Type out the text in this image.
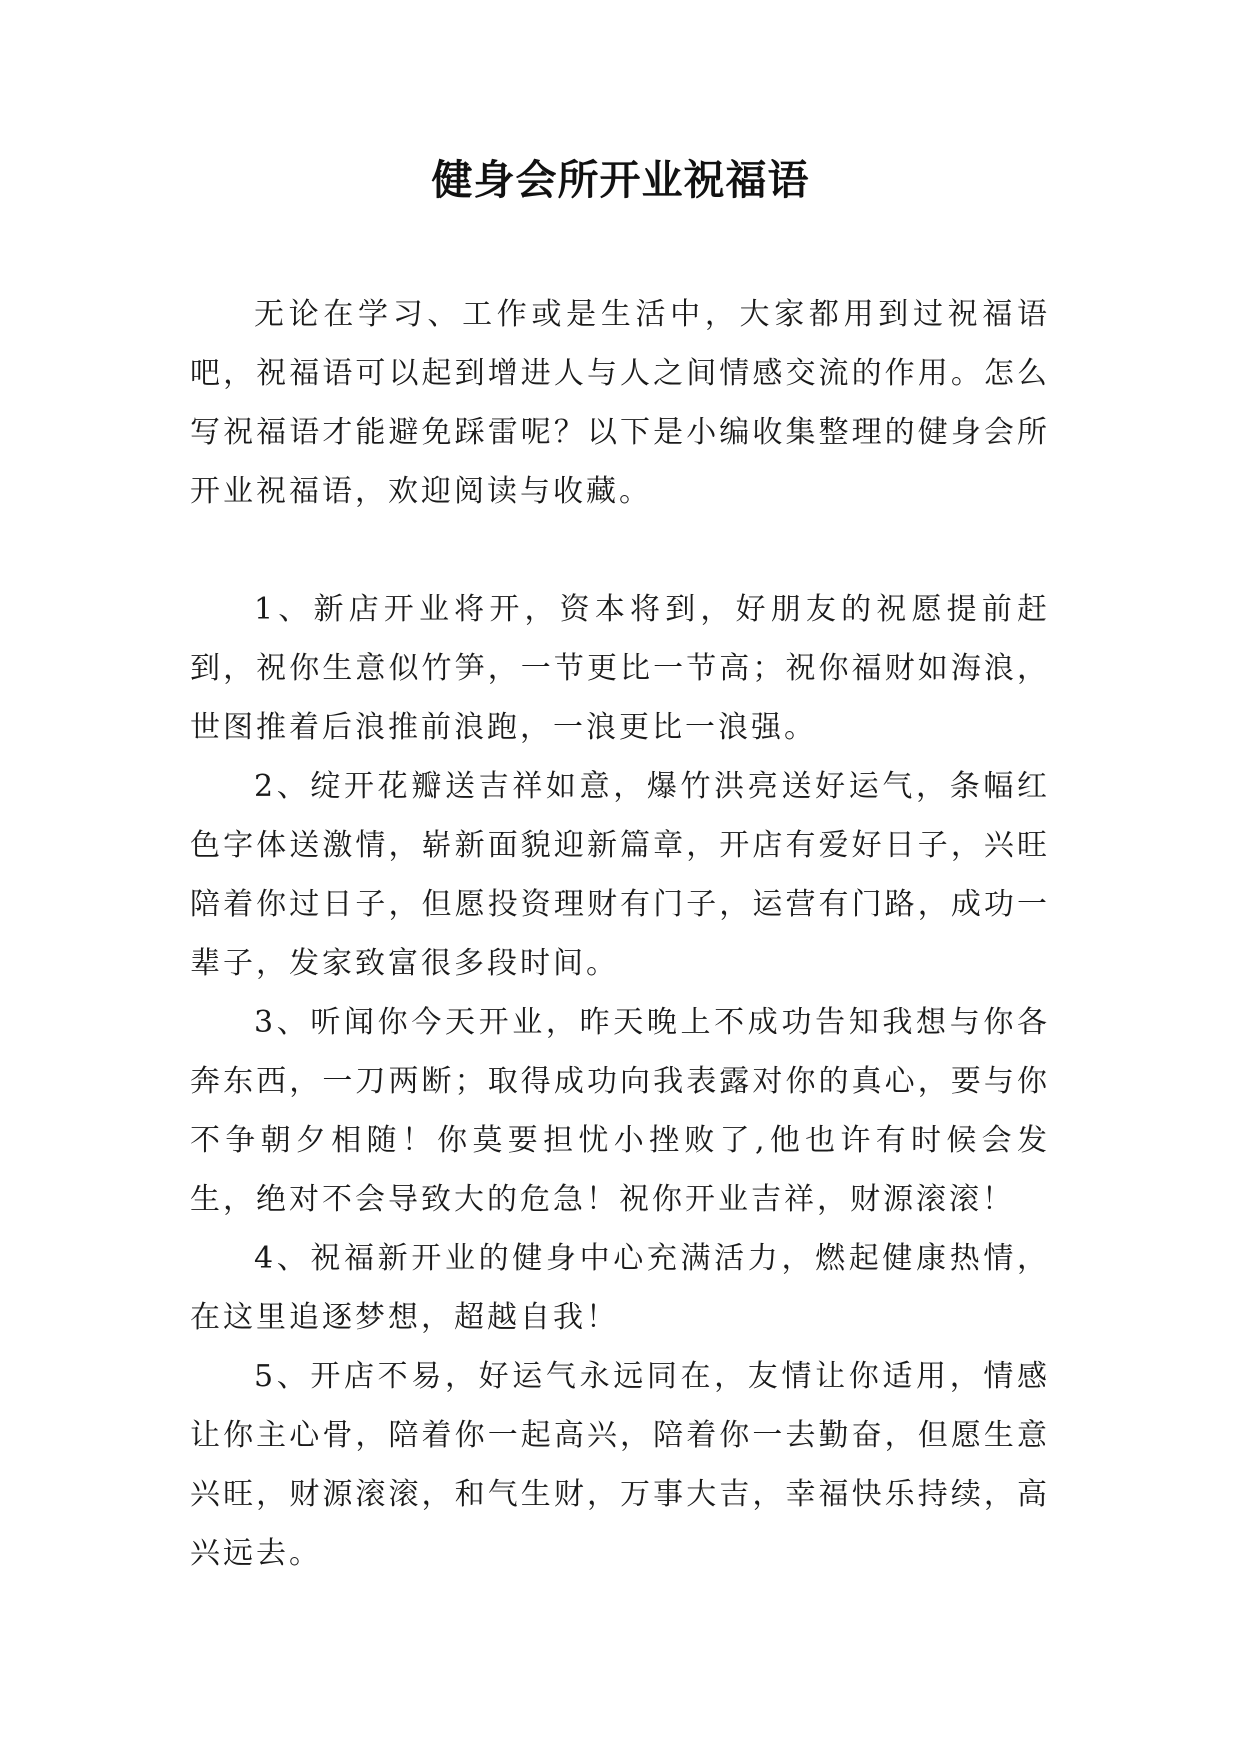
健身会所开业祝福语

无论在学习、工作或是生活中，大家都用到过祝福语吧，祝福语可以起到增进人与人之间情感交流的作用。怎么写祝福语才能避免踩雷呢？以下是小编收集整理的健身会所开业祝福语，欢迎阅读与收藏。

1、新店开业将开，资本将到，好朋友的祝愿提前赶到，祝你生意似竹笋，一节更比一节高；祝你福财如海浪，世图推着后浪推前浪跑，一浪更比一浪强。

2、绽开花瓣送吉祥如意，爆竹洪亮送好运气，条幅红色字体送激情，崭新面貌迎新篇章，开店有爱好日子，兴旺陪着你过日子，但愿投资理财有门子，运营有门路，成功一辈子，发家致富很多段时间。

3、听闻你今天开业，昨天晚上不成功告知我想与你各奔东西，一刀两断；取得成功向我表露对你的真心，要与你不争朝夕相随！你莫要担忧小挫败了,他也许有时候会发生，绝对不会导致大的危急！祝你开业吉祥，财源滚滚！

4、祝福新开业的健身中心充满活力，燃起健康热情，在这里追逐梦想，超越自我！

5、开店不易，好运气永远同在，友情让你适用，情感让你主心骨，陪着你一起高兴，陪着你一去勤奋，但愿生意兴旺，财源滚滚，和气生财，万事大吉，幸福快乐持续，高兴远去。
